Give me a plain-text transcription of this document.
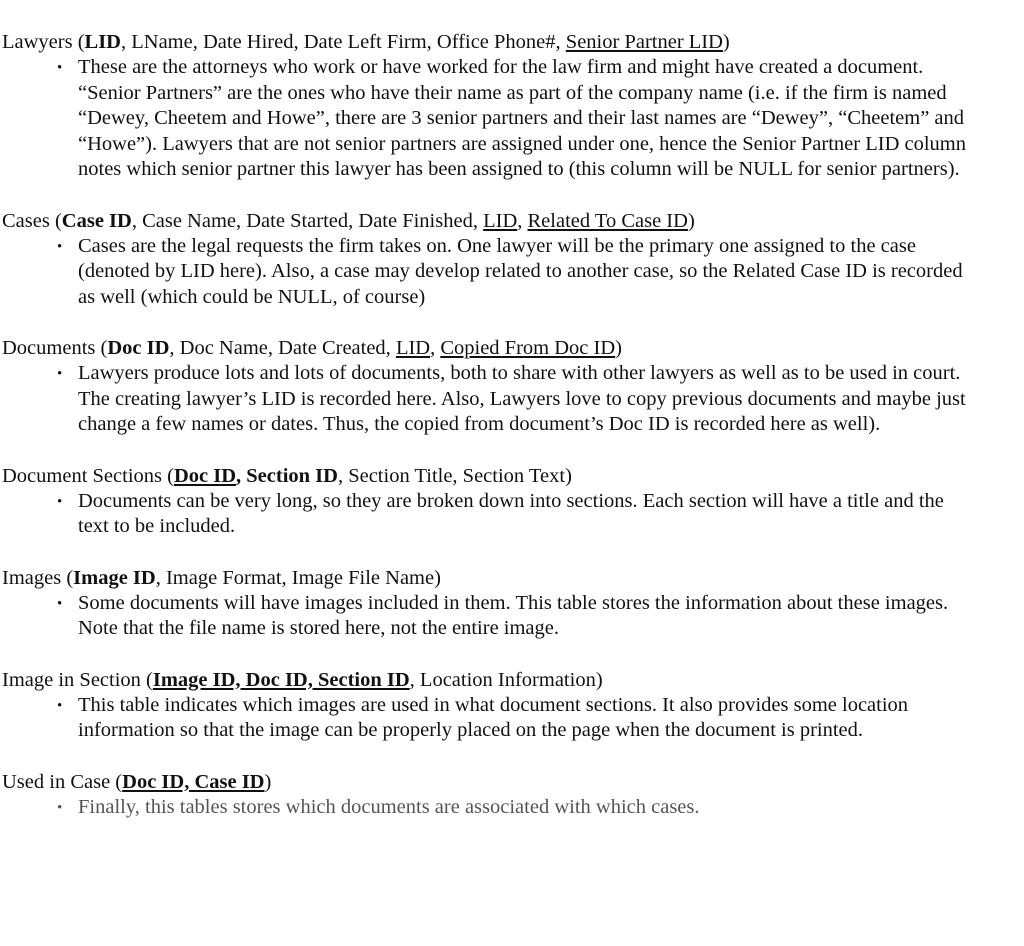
Lawyers (LID, LName, Date Hired, Date Left Firm, Office Phone#, Senior Partner LID)
• These are the attorneys who work or have worked for the law firm and might have created a document. “Senior Partners” are the ones who have their name as part of the company name (i.e. if the firm is named “Dewey, Cheetem and Howe”, there are 3 senior partners and their last names are “Dewey”, “Cheetem” and “Howe”). Lawyers that are not senior partners are assigned under one, hence the Senior Partner LID column notes which senior partner this lawyer has been assigned to (this column will be NULL for senior partners).
Cases (Case ID, Case Name, Date Started, Date Finished, LID, Related To Case ID)
• Cases are the legal requests the firm takes on. One lawyer will be the primary one assigned to the case (denoted by LID here). Also, a case may develop related to another case, so the Related Case ID is recorded as well (which could be NULL, of course)
Documents (Doc ID, Doc Name, Date Created, LID, Copied From Doc ID)
• Lawyers produce lots and lots of documents, both to share with other lawyers as well as to be used in court. The creating lawyer’s LID is recorded here. Also, Lawyers love to copy previous documents and maybe just change a few names or dates. Thus, the copied from document’s Doc ID is recorded here as well).
Document Sections (Doc ID, Section ID, Section Title, Section Text)
• Documents can be very long, so they are broken down into sections. Each section will have a title and the text to be included.
Images (Image ID, Image Format, Image File Name)
• Some documents will have images included in them. This table stores the information about these images. Note that the file name is stored here, not the entire image.
Image in Section (Image ID, Doc ID, Section ID, Location Information)
• This table indicates which images are used in what document sections. It also provides some location information so that the image can be properly placed on the page when the document is printed.
Used in Case (Doc ID, Case ID)
• Finally, this tables stores which documents are associated with which cases.
